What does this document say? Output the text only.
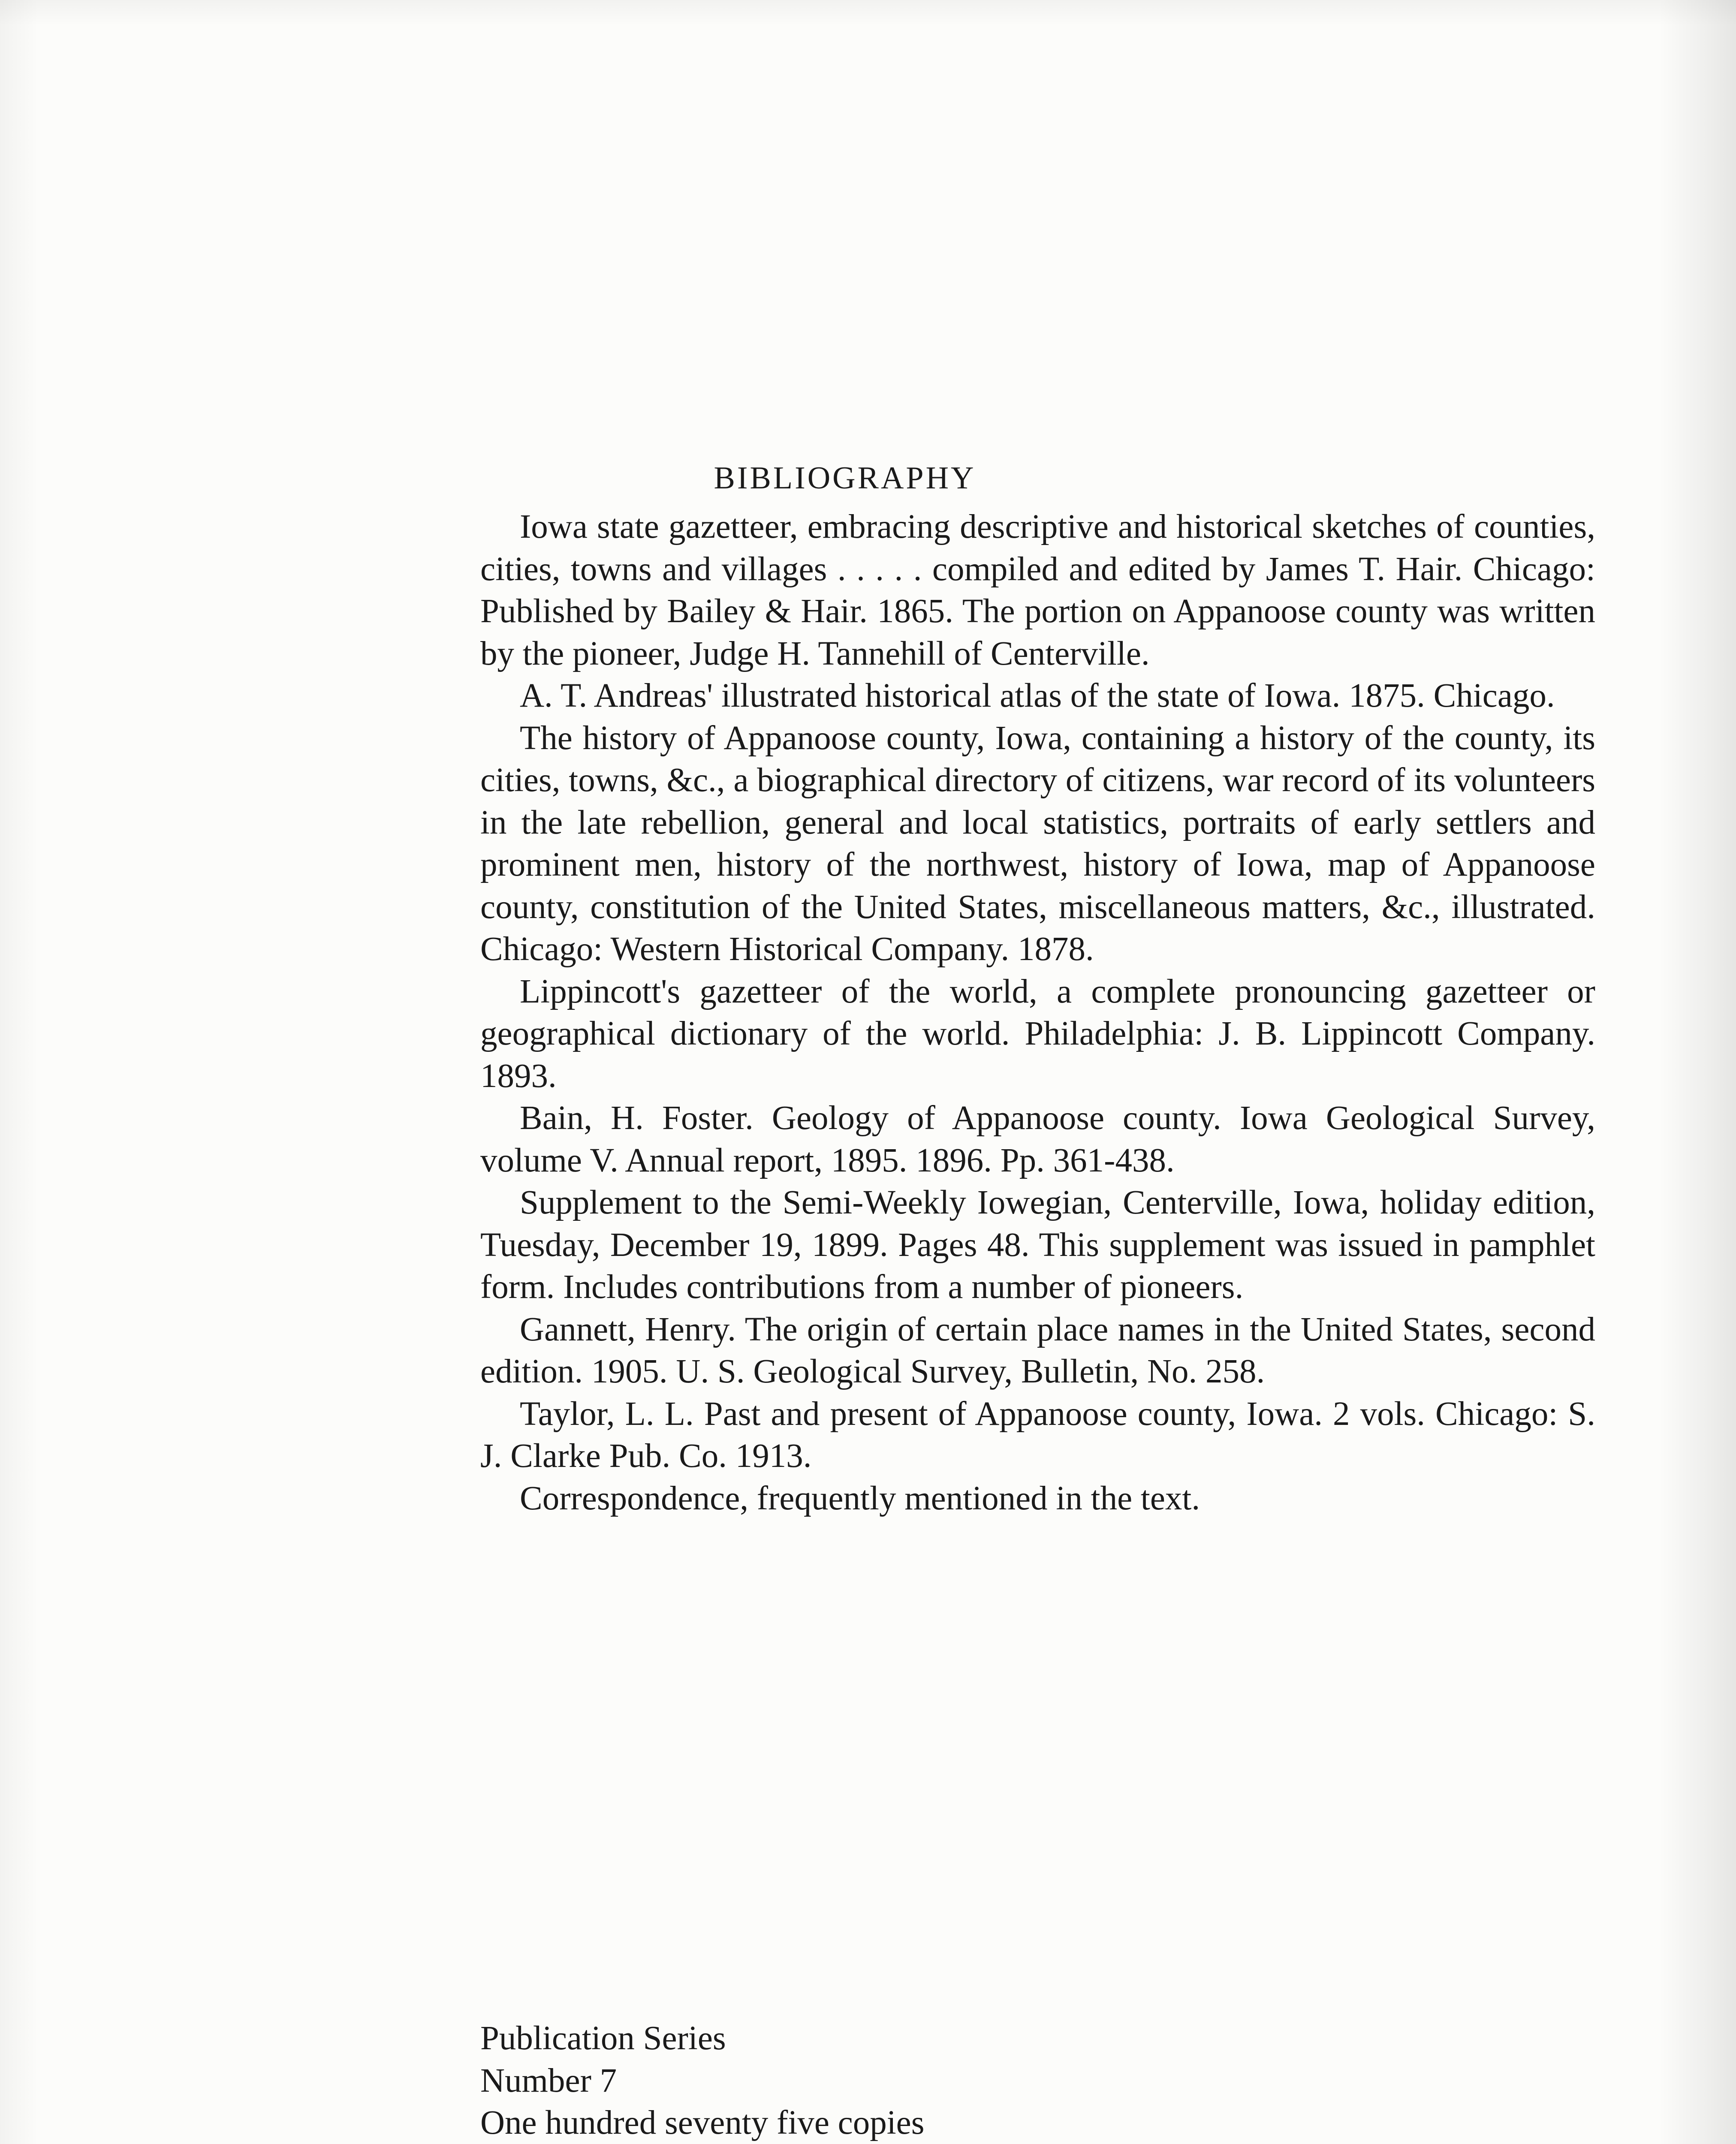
BIBLIOGRAPHY

Iowa state gazetteer, embracing descriptive and historical sketches of counties, cities, towns and villages . . . . . compiled and edited by James T. Hair. Chicago: Published by Bailey & Hair. 1865. The portion on Appanoose county was written by the pioneer, Judge H. Tannehill of Centerville.

A. T. Andreas' illustrated historical atlas of the state of Iowa. 1875. Chicago.

The history of Appanoose county, Iowa, containing a history of the county, its cities, towns, &c., a biographical directory of citizens, war record of its volunteers in the late rebellion, general and local statistics, portraits of early settlers and prominent men, history of the northwest, history of Iowa, map of Appanoose county, constitution of the United States, miscellaneous matters, &c., illustrated. Chicago: Western Historical Company. 1878.

Lippincott's gazetteer of the world, a complete pronouncing gazetteer or geographical dictionary of the world. Philadelphia: J. B. Lippincott Company. 1893.

Bain, H. Foster. Geology of Appanoose county. Iowa Geological Survey, volume V. Annual report, 1895. 1896. Pp. 361-438.

Supplement to the Semi-Weekly Iowegian, Centerville, Iowa, holiday edition, Tuesday, December 19, 1899. Pages 48. This supplement was issued in pamphlet form. Includes contributions from a number of pioneers.

Gannett, Henry. The origin of certain place names in the United States, second edition. 1905. U. S. Geological Survey, Bulletin, No. 258.

Taylor, L. L. Past and present of Appanoose county, Iowa. 2 vols. Chicago: S. J. Clarke Pub. Co. 1913.

Correspondence, frequently mentioned in the text.

Publication Series
Number 7
One hundred seventy five copies
